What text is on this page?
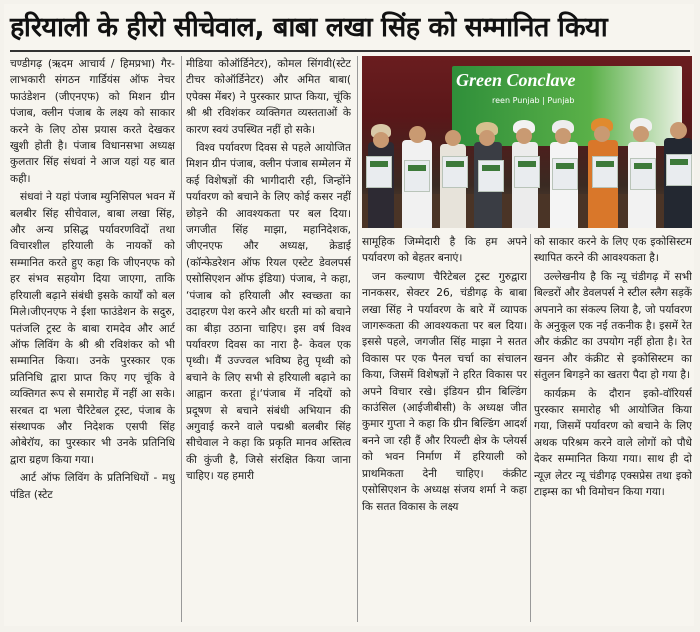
हरियाली के हीरो सीचेवाल, बाबा लखा सिंह को सम्मानित किया

चण्डीगढ़ (ऋदम आचार्य / हिमप्रभा) गैर-लाभकारी संगठन गार्डियंस ऑफ नेचर फाउंडेशन (जीएनएफ) को मिशन ग्रीन पंजाब, क्लीन पंजाब के लक्ष्य को साकार करने के लिए ठोस प्रयास करते देखकर खुशी होती है। पंजाब विधानसभा अध्यक्ष कुलतार सिंह संधवां ने आज यहां यह बात कही।

संधवां ने यहां पंजाब म्युनिसिपल भवन में बलबीर सिंह सीचेवाल, बाबा लखा सिंह, और अन्य प्रसिद्ध पर्यावरणविदों तथा विचारशील हरियाली के नायकों को सम्मानित करते हुए कहा कि जीएनएफ को हर संभव सहयोग दिया जाएगा, ताकि हरियाली बढ़ाने संबंधी इसके कार्यों को बल मिले।जीएनएफ ने ईशा फाउंडेशन के सदुरु, पतंजलि ट्रस्ट के बाबा रामदेव और आर्ट ऑफ लिविंग के श्री श्री रविशंकर को भी सम्मानित किया। उनके पुरस्कार एक प्रतिनिधि द्वारा प्राप्त किए गए चूंकि वे व्यक्तिगत रूप से समारोह में नहीं आ सके। सरबत दा भला चैरिटेबल ट्रस्ट, पंजाब के संस्थापक और निदेशक एसपी सिंह ओबेरॉय, का पुरस्कार भी उनके प्रतिनिधि द्वारा ग्रहण किया गया।

आर्ट ऑफ लिविंग के प्रतिनिधियों - मधु पंडित (स्टेट

मीडिया कोऑर्डिनेटर), कोमल सिंगवी(स्टेट टीचर कोऑर्डिनेटर) और अमित बाबा( एपेक्स मेंबर) ने पुरस्कार प्राप्त किया, चूंकि श्री श्री रविशंकर व्यक्तिगत व्यस्तताओं के कारण स्वयं उपस्थित नहीं हो सके।

विश्व पर्यावरण दिवस से पहले आयोजित मिशन ग्रीन पंजाब, क्लीन पंजाब सम्मेलन में कई विशेषज्ञों की भागीदारी रही, जिन्होंने पर्यावरण को बचाने के लिए कोई कसर नहीं छोड़ने की आवश्यकता पर बल दिया। जगजीत सिंह माझा, महानिदेशक, जीएनएफ और अध्यक्ष, क्रेडाई (कॉन्फेडरेशन ऑफ रियल एस्टेट डेवलपर्स एसोसिएशन ऑफ इंडिया) पंजाब, ने कहा, ‘पंजाब को हरियाली और स्वच्छता का उदाहरण पेश करने और धरती मां को बचाने का बीड़ा उठाना चाहिए। इस वर्ष विश्व पर्यावरण दिवस का नारा है- केवल एक पृथ्वी। मैं उज्ज्वल भविष्य हेतु पृथ्वी को बचाने के लिए सभी से हरियाली बढ़ाने का आह्वान करता हूं।‘पंजाब में नदियों को प्रदूषण से बचाने संबंधी अभियान की अगुवाई करने वाले पद्मश्री बलबीर सिंह सीचेवाल ने कहा कि प्रकृति मानव अस्तित्व की कुंजी है, जिसे संरक्षित किया जाना चाहिए। यह हमारी

Green Conclave
reen Punjab | Punjab

सामूहिक जिम्मेदारी है कि हम अपने पर्यावरण को बेहतर बनाएं।

जन कल्याण चैरिटेबल ट्रस्ट गुरुद्वारा नानकसर, सेक्टर 26, चंडीगढ़ के बाबा लखा सिंह ने पर्यावरण के बारे में व्यापक जागरूकता की आवश्यकता पर बल दिया। इससे पहले, जगजीत सिंह माझा ने सतत विकास पर एक पैनल चर्चा का संचालन किया, जिसमें विशेषज्ञों ने हरित विकास पर अपने विचार रखे। इंडियन ग्रीन बिल्डिंग काउंसिल (आईजीबीसी) के अध्यक्ष जीत कुमार गुप्ता ने कहा कि ग्रीन बिल्डिंग आदर्श बनने जा रही हैं और रियल्टी क्षेत्र के प्लेयर्स को भवन निर्माण में हरियाली को प्राथमिकता देनी चाहिए। कंक्रीट एसोसिएशन के अध्यक्ष संजय शर्मा ने कहा कि सतत विकास के लक्ष्य

को साकार करने के लिए एक इकोसिस्टम स्थापित करने की आवश्यकता है।

उल्लेखनीय है कि न्यू चंडीगढ़ में सभी बिल्डरों और डेवलपर्स ने स्टील स्लैग सड़कें अपनाने का संकल्प लिया है, जो पर्यावरण के अनुकूल एक नई तकनीक है। इसमें रेत और कंक्रीट का उपयोग नहीं होता है। रेत खनन और कंक्रीट से इकोसिस्टम का संतुलन बिगड़ने का खतरा पैदा हो गया है।

कार्यक्रम के दौरान इको-वॉरियर्स पुरस्कार समारोह भी आयोजित किया गया, जिसमें पर्यावरण को बचाने के लिए अथक परिश्रम करने वाले लोगों को पौधे देकर सम्मानित किया गया। साथ ही दो न्यूज़ लेटर न्यू चंडीगढ़ एक्सप्रेस तथा इको टाइम्स का भी विमोचन किया गया।
